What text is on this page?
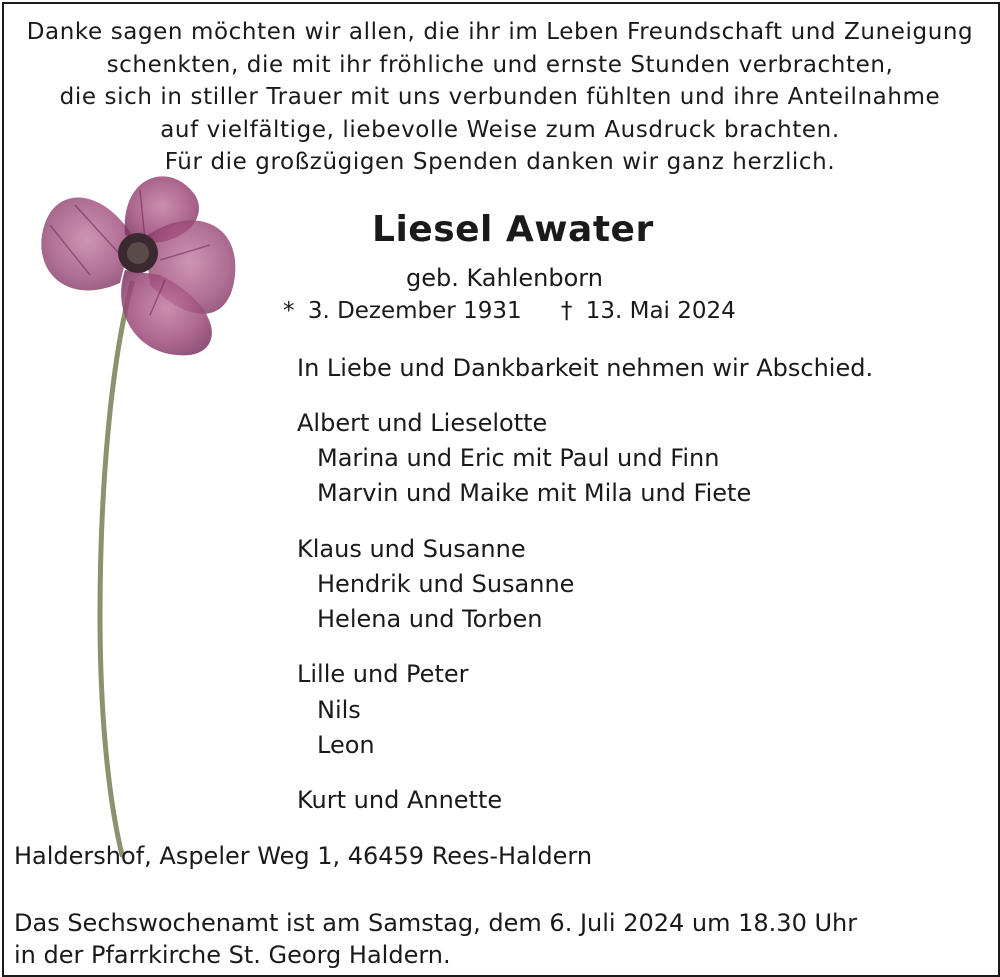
Danke sagen möchten wir allen, die ihr im Leben Freundschaft und Zuneigung
schenkten, die mit ihr fröhliche und ernste Stunden verbrachten,
die sich in stiller Trauer mit uns verbunden fühlten und ihre Anteilnahme
auf vielfältige, liebevolle Weise zum Ausdruck brachten.
Für die großzügigen Spenden danken wir ganz herzlich.
Liesel Awater
geb. Kahlenborn
* 3. Dezember 1931 † 13. Mai 2024
In Liebe und Dankbarkeit nehmen wir Abschied.
Albert und Lieselotte
Marina und Eric mit Paul und Finn
Marvin und Maike mit Mila und Fiete
Klaus und Susanne
Hendrik und Susanne
Helena und Torben
Lille und Peter
Nils
Leon
Kurt und Annette
Haldershof, Aspeler Weg 1, 46459 Rees-Haldern
Das Sechswochenamt ist am Samstag, dem 6. Juli 2024 um 18.30 Uhr
in der Pfarrkirche St. Georg Haldern.
